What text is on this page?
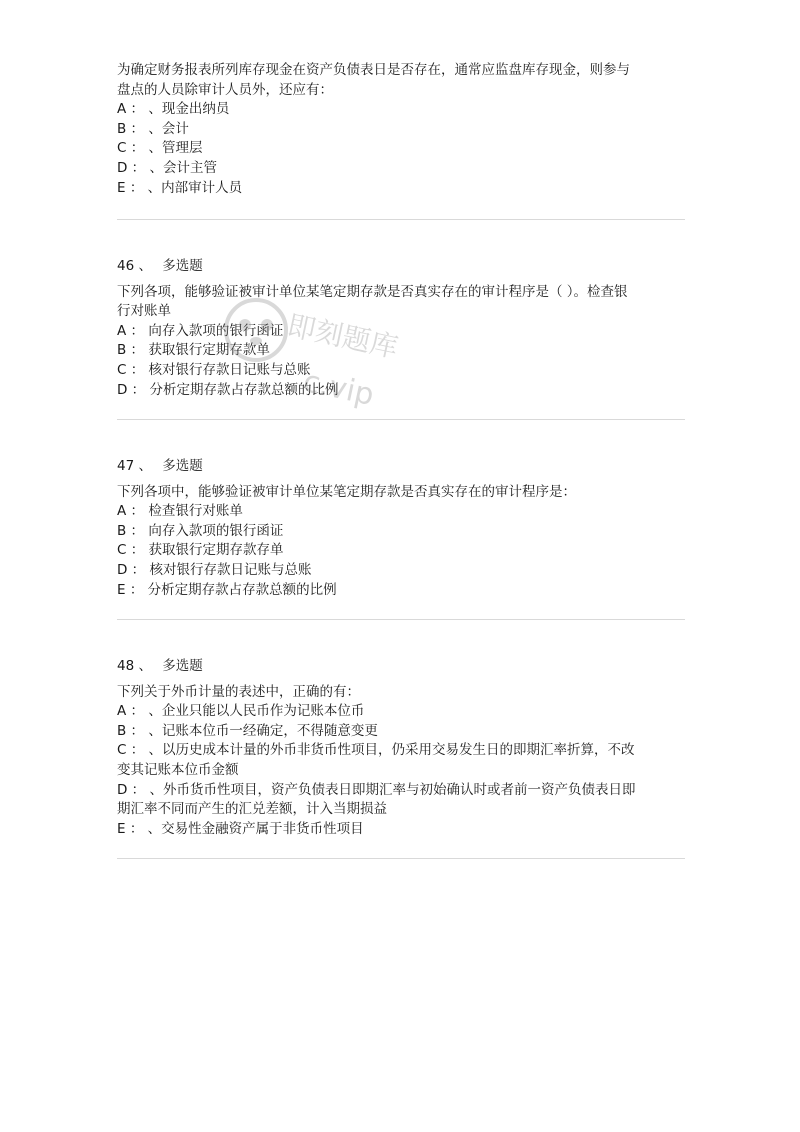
为确定财务报表所列库存现金在资产负债表日是否存在，通常应监盘库存现金，则参与
盘点的人员除审计人员外，还应有：
A ： 、现金出纳员
B ： 、会计
C ： 、管理层
D ： 、会计主管
E ： 、内部审计人员
46 、 多选题
下列各项，能够验证被审计单位某笔定期存款是否真实存在的审计程序是（ ）。检查银
行对账单
A ： 向存入款项的银行函证
B ： 获取银行定期存款单
C ： 核对银行存款日记账与总账
D ： 分析定期存款占存款总额的比例
47 、 多选题
下列各项中，能够验证被审计单位某笔定期存款是否真实存在的审计程序是：
A ： 检查银行对账单
B ： 向存入款项的银行函证
C ： 获取银行定期存款存单
D ： 核对银行存款日记账与总账
E ： 分析定期存款占存款总额的比例
48 、 多选题
下列关于外币计量的表述中，正确的有：
A ： 、企业只能以人民币作为记账本位币
B ： 、记账本位币一经确定，不得随意变更
C ： 、以历史成本计量的外币非货币性项目，仍采用交易发生日的即期汇率折算，不改
变其记账本位币金额
D ： 、外币货币性项目，资产负债表日即期汇率与初始确认时或者前一资产负债表日即
期汇率不同而产生的汇兑差额，计入当期损益
E ： 、交易性金融资产属于非货币性项目
即刻题库
c.vip
